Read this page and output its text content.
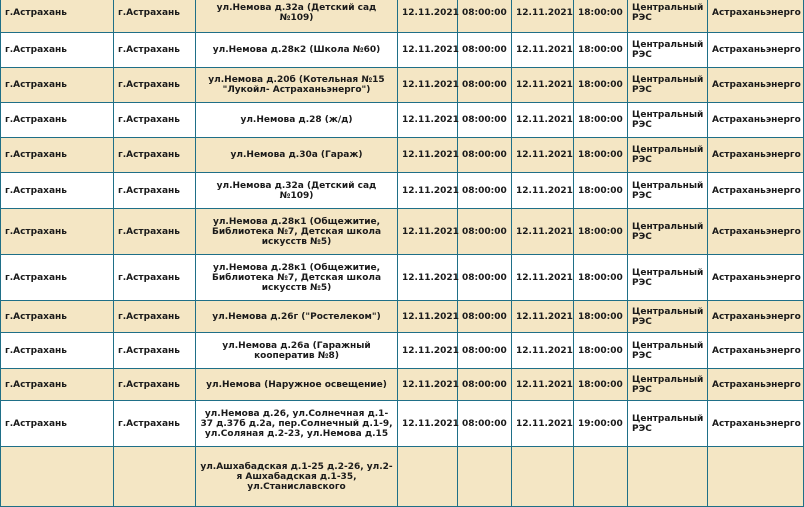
г.Астрахань	г.Астрахань	ул.Немова д.32а (Детский сад №109)	12.11.2021	08:00:00	12.11.2021	18:00:00	Центральный РЭС	Астраханьэнерго
г.Астрахань	г.Астрахань	ул.Немова д.28к2 (Школа №60)	12.11.2021	08:00:00	12.11.2021	18:00:00	Центральный РЭС	Астраханьэнерго
г.Астрахань	г.Астрахань	ул.Немова д.20б (Котельная №15 "Лукойл- Астраханьэнерго")	12.11.2021	08:00:00	12.11.2021	18:00:00	Центральный РЭС	Астраханьэнерго
г.Астрахань	г.Астрахань	ул.Немова д.28 (ж/д)	12.11.2021	08:00:00	12.11.2021	18:00:00	Центральный РЭС	Астраханьэнерго
г.Астрахань	г.Астрахань	ул.Немова д.30а (Гараж)	12.11.2021	08:00:00	12.11.2021	18:00:00	Центральный РЭС	Астраханьэнерго
г.Астрахань	г.Астрахань	ул.Немова д.32а (Детский сад №109)	12.11.2021	08:00:00	12.11.2021	18:00:00	Центральный РЭС	Астраханьэнерго
г.Астрахань	г.Астрахань	ул.Немова д.28к1 (Общежитие, Библиотека №7, Детская школа искусств №5)	12.11.2021	08:00:00	12.11.2021	18:00:00	Центральный РЭС	Астраханьэнерго
г.Астрахань	г.Астрахань	ул.Немова д.28к1 (Общежитие, Библиотека №7, Детская школа искусств №5)	12.11.2021	08:00:00	12.11.2021	18:00:00	Центральный РЭС	Астраханьэнерго
г.Астрахань	г.Астрахань	ул.Немова д.26г ("Ростелеком")	12.11.2021	08:00:00	12.11.2021	18:00:00	Центральный РЭС	Астраханьэнерго
г.Астрахань	г.Астрахань	ул.Немова д.26а (Гаражный кооператив №8)	12.11.2021	08:00:00	12.11.2021	18:00:00	Центральный РЭС	Астраханьэнерго
г.Астрахань	г.Астрахань	ул.Немова (Наружное освещение)	12.11.2021	08:00:00	12.11.2021	18:00:00	Центральный РЭС	Астраханьэнерго
г.Астрахань	г.Астрахань	ул.Немова д.26, ул.Солнечная д.1-37 д.37б д.2а, пер.Солнечный д.1-9, ул.Соляная д.2-23, ул.Немова д.15	12.11.2021	08:00:00	12.11.2021	19:00:00	Центральный РЭС	Астраханьэнерго
		ул.Ашхабадская д.1-25 д.2-26, ул.2-я Ашхабадская д.1-35, ул.Станиславского						
